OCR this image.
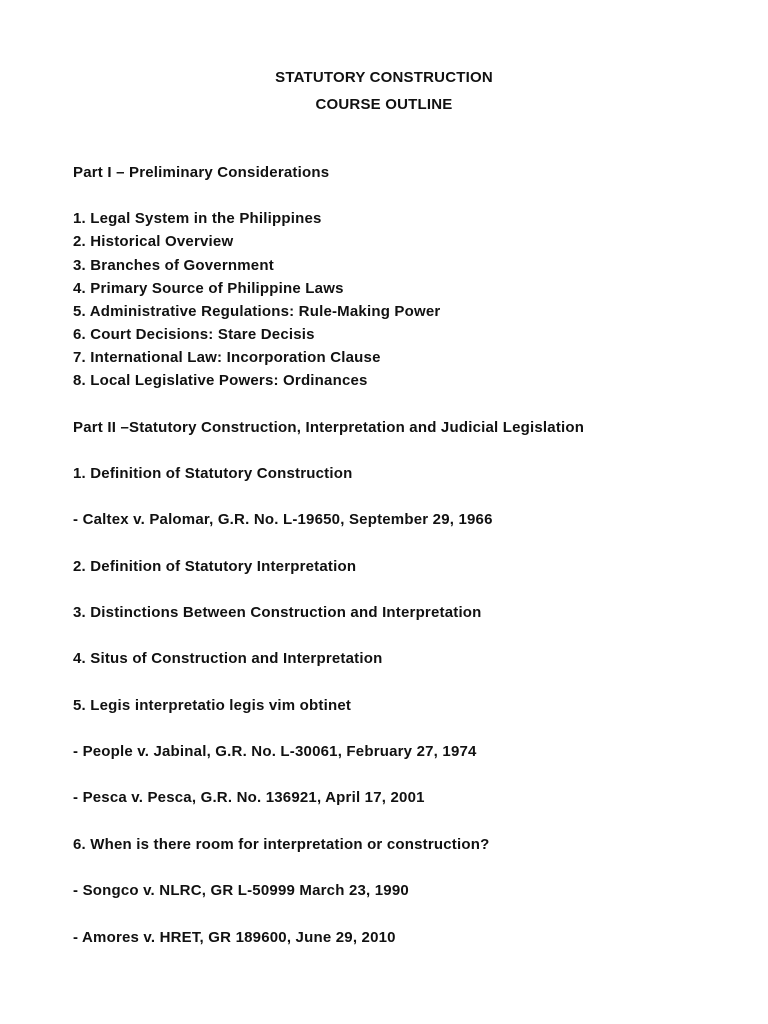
STATUTORY CONSTRUCTION
COURSE OUTLINE
Part I – Preliminary Considerations
1. Legal System in the Philippines
2. Historical Overview
3. Branches of Government
4. Primary Source of Philippine Laws
5. Administrative Regulations: Rule-Making Power
6. Court Decisions: Stare Decisis
7. International Law: Incorporation Clause
8. Local Legislative Powers: Ordinances
Part II –Statutory Construction, Interpretation and Judicial Legislation
1. Definition of Statutory Construction
- Caltex v. Palomar, G.R. No. L-19650, September 29, 1966
2. Definition of Statutory Interpretation
3. Distinctions Between Construction and Interpretation
4. Situs of Construction and Interpretation
5. Legis interpretatio legis vim obtinet
- People v. Jabinal, G.R. No. L-30061, February 27, 1974
- Pesca v. Pesca, G.R. No. 136921, April 17, 2001
6. When is there room for interpretation or construction?
- Songco v. NLRC, GR L-50999 March 23, 1990
- Amores v. HRET, GR 189600, June 29, 2010
